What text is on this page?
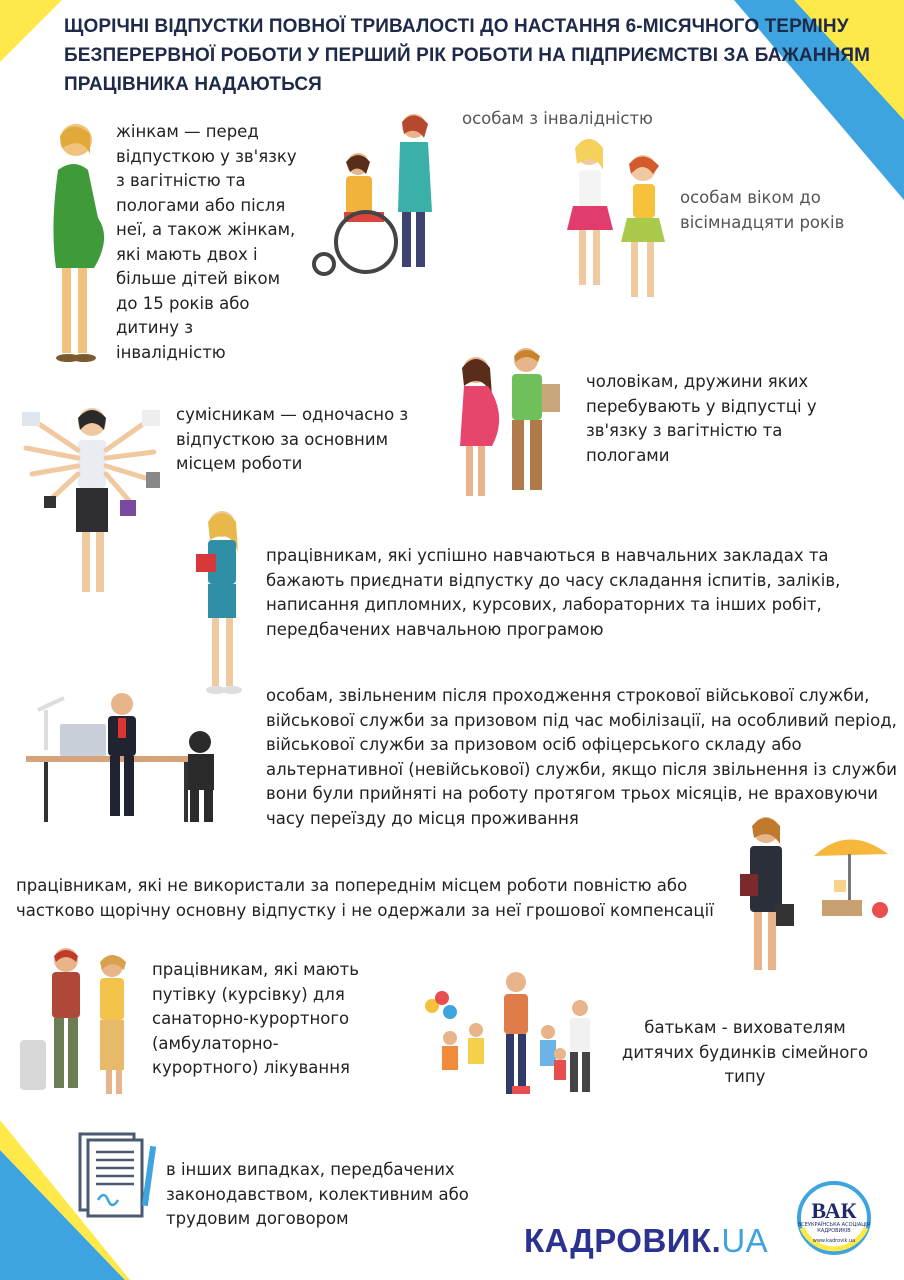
ЩОРІЧНІ ВІДПУСТКИ ПОВНОЇ ТРИВАЛОСТІ ДО НАСТАННЯ 6-МІСЯЧНОГО ТЕРМІНУ БЕЗПЕРЕРВНОЇ РОБОТИ У ПЕРШИЙ РІК РОБОТИ НА ПІДПРИЄМСТВІ ЗА БАЖАННЯМ ПРАЦІВНИКА НАДАЮТЬСЯ
жінкам — перед відпусткою у зв'язку з вагітністю та пологами або після неї, а також жінкам, які мають двох і більше дітей віком до 15 років або дитину з інвалідністю
особам з інвалідністю
особам віком до вісімнадцяти років
сумісникам — одночасно з відпусткою за основним місцем роботи
чоловікам, дружини яких перебувають у відпустці у зв'язку з вагітністю та пологами
працівникам, які успішно навчаються в навчальних закладах та бажають приєднати відпустку до часу складання іспитів, заліків, написання дипломних, курсових, лабораторних та інших робіт, передбачених навчальною програмою
особам, звільненим після проходження строкової військової служби, військової служби за призовом під час мобілізації, на особливий період, військової служби за призовом осіб офіцерського складу або альтернативної (невійськової) служби, якщо після звільнення із служби вони були прийняті на роботу протягом трьох місяців, не враховуючи часу переїзду до місця проживання
працівникам, які не використали за попереднім місцем роботи повністю або частково щорічну основну відпустку і не одержали за неї грошової компенсації
працівникам, які мають путівку (курсівку) для санаторно-курортного (амбулаторно-курортного) лікування
батькам - вихователям дитячих будинків сімейного типу
в інших випадках, передбачених законодавством, колективним або трудовим договором
КАДРОВИК.UA
ВАК
ВСЕУКРАЇНСЬКА АСОЦІАЦІЯ КАДРОВИКІВ
www.kadrovik.ua
